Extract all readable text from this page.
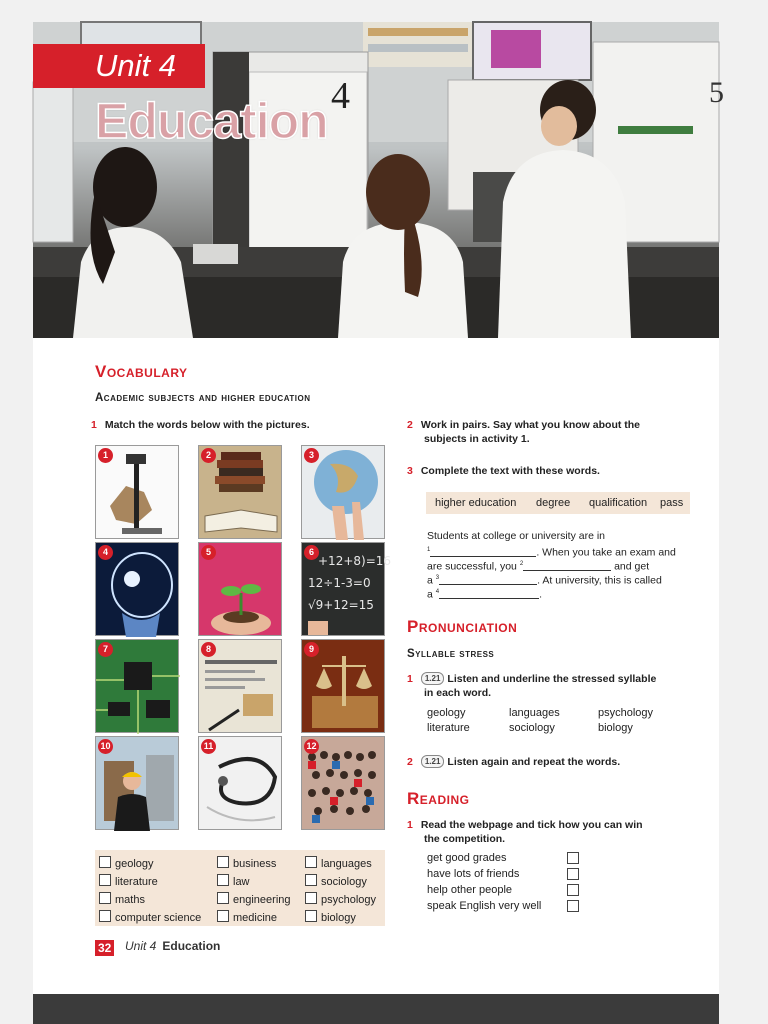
5
Unit 4
Education 4
Vocabulary
Academic subjects and higher education
1 Match the words below with the pictures.
1	2	3
4	5	6
+12+8)=16
12÷1-3=0
√9+12=15
7	8	9
10	11	12
geology	business	languages
literature	law	sociology
maths	engineering	psychology
computer science	medicine	biology
32 Unit 4 Education
2 Work in pairs. Say what you know about the
subjects in activity 1.
3 Complete the text with these words.
higher education degree qualification pass
Students at college or university are in
$^1$	. When you take an exam and
are successful, you $^2$	and get
a $^3$	. At university, this is called
a $^4$	.
Pronunciation
Syllable stress
1 1.21 Listen and underline the stressed syllable
in each word.
geology	languages	psychology
literature	sociology	biology
2 1.21 Listen again and repeat the words.
Reading
1 Read the webpage and tick how you can win
the competition.
get good grades
have lots of friends
help other people
speak English very well
